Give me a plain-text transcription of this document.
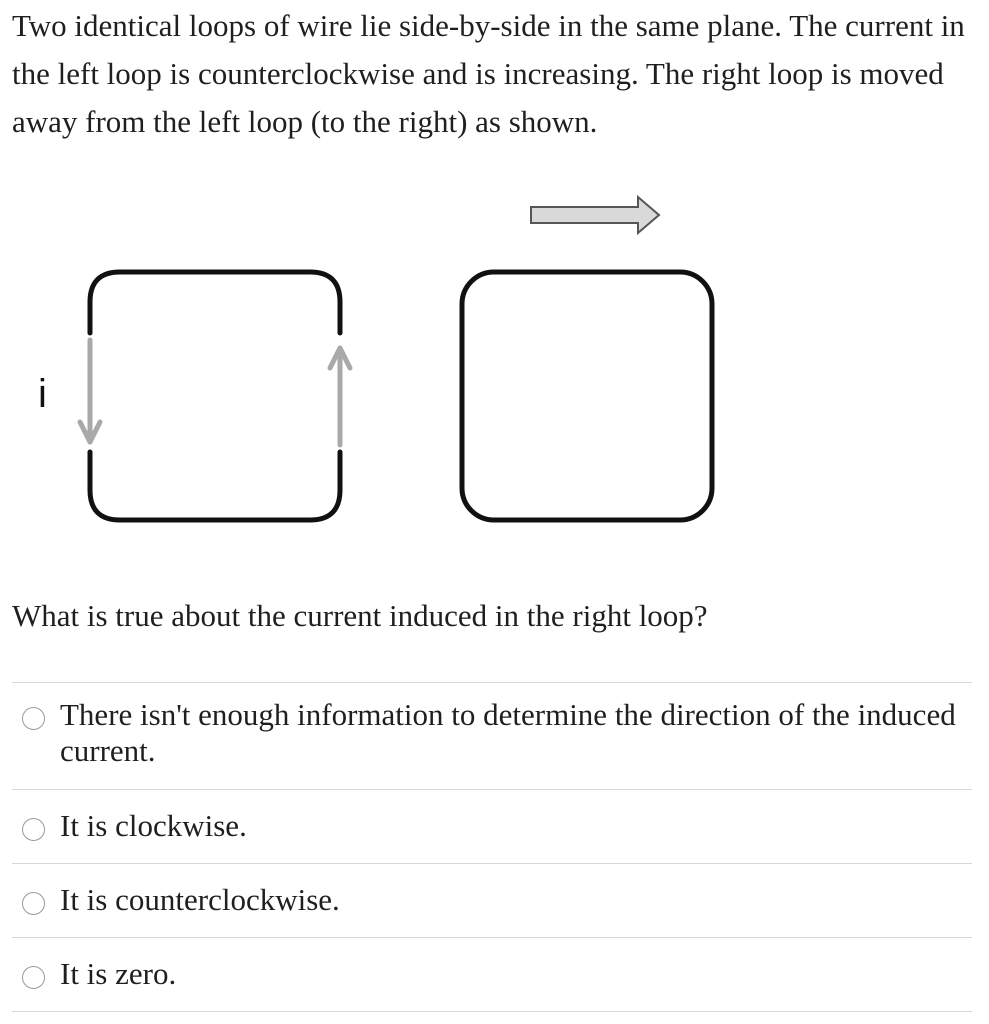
Two identical loops of wire lie side-by-side in the same plane. The current in the left loop is counterclockwise and is increasing. The right loop is moved away from the left loop (to the right) as shown.

i

What is true about the current induced in the right loop?

There isn't enough information to determine the direction of the induced current.
It is clockwise.
It is counterclockwise.
It is zero.
